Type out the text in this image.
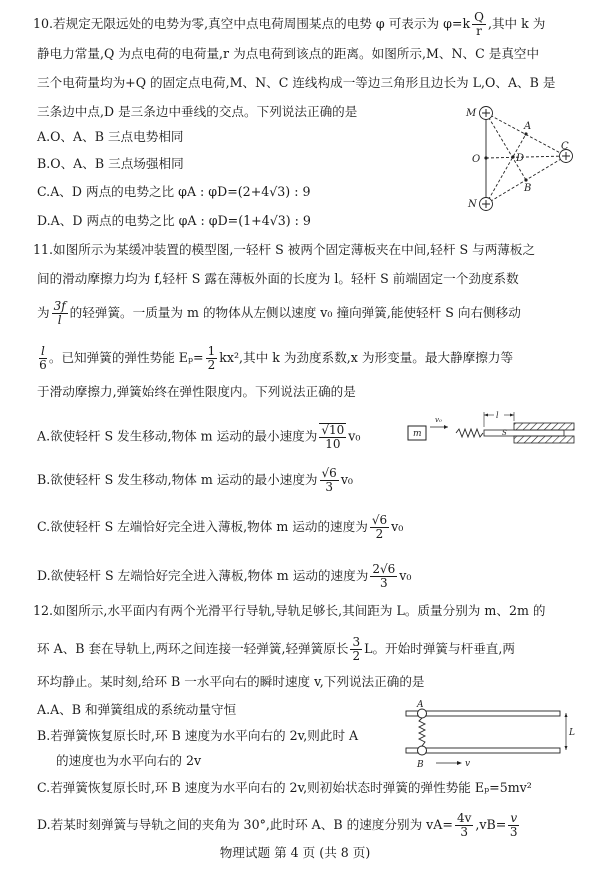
10.若规定无限远处的电势为零,真空中点电荷周围某点的电势 φ 可表示为 $\varphi=k \frac{Q}{r}$ ,其中 k 为
静电力常量,Q 为点电荷的电荷量,r 为点电荷到该点的距离。如图所示,M、N、C 是真空中
三个电荷量均为+Q 的固定点电荷,M、N、C 连线构成一等边三角形且边长为 L,O、A、B 是
三条边中点,D 是三条边中垂线的交点。下列说法正确的是
A.O、A、B 三点电势相同
B.O、A、B 三点场强相同
C.A、D 两点的电势之比 φA : φD=(2+4√3) : 9
D.A、D 两点的电势之比 φA : φD=(1+4√3) : 9
M
N
C
O
A
B
D
11.如图所示为某缓冲装置的模型图,一轻杆 S 被两个固定薄板夹在中间,轻杆 S 与两薄板之
间的滑动摩擦力均为 f,轻杆 S 露在薄板外面的长度为 l。轻杆 S 前端固定一个劲度系数
为 $\frac{3f}{l}$ 的轻弹簧。一质量为 m 的物体从左侧以速度 v₀ 撞向弹簧,能使轻杆 S 向右侧移动
$\frac{l}{6}$ 。已知弹簧的弹性势能 $E_p= \frac{1}{2} kx^2$,其中 k 为劲度系数,x 为形变量。最大静摩擦力等
于滑动摩擦力,弹簧始终在弹性限度内。下列说法正确的是
A.欲使轻杆 S 发生移动,物体 m 运动的最小速度为 $\frac{√10}{10} v_0$
B.欲使轻杆 S 发生移动,物体 m 运动的最小速度为 $\frac{√6}{3} v_0$
C.欲使轻杆 S 左端恰好完全进入薄板,物体 m 运动的速度为 $\frac{√6}{2} v_0$
D.欲使轻杆 S 左端恰好完全进入薄板,物体 m 运动的速度为 $\frac{2√6}{3} v_0$
m
v₀
S
l
12.如图所示,水平面内有两个光滑平行导轨,导轨足够长,其间距为 L。质量分别为 m、2m 的
环 A、B 套在导轨上,两环之间连接一轻弹簧,轻弹簧原长 $\frac{3}{2}$ L。开始时弹簧与杆垂直,两
环均静止。某时刻,给环 B 一水平向右的瞬时速度 v,下列说法正确的是
A.A、B 和弹簧组成的系统动量守恒
B.若弹簧恢复原长时,环 B 速度为水平向右的 2v,则此时 A
的速度也为水平向右的 2v
C.若弹簧恢复原长时,环 B 速度为水平向右的 2v,则初始状态时弹簧的弹性势能 Eₚ=5mv²
D.若某时刻弹簧与导轨之间的夹角为 30°,此时环 A、B 的速度分别为 $vA= \frac{4v}{3} ,vB= \frac{v}{3}$
A
B	v
L
物理试题 第 4 页 (共 8 页)
